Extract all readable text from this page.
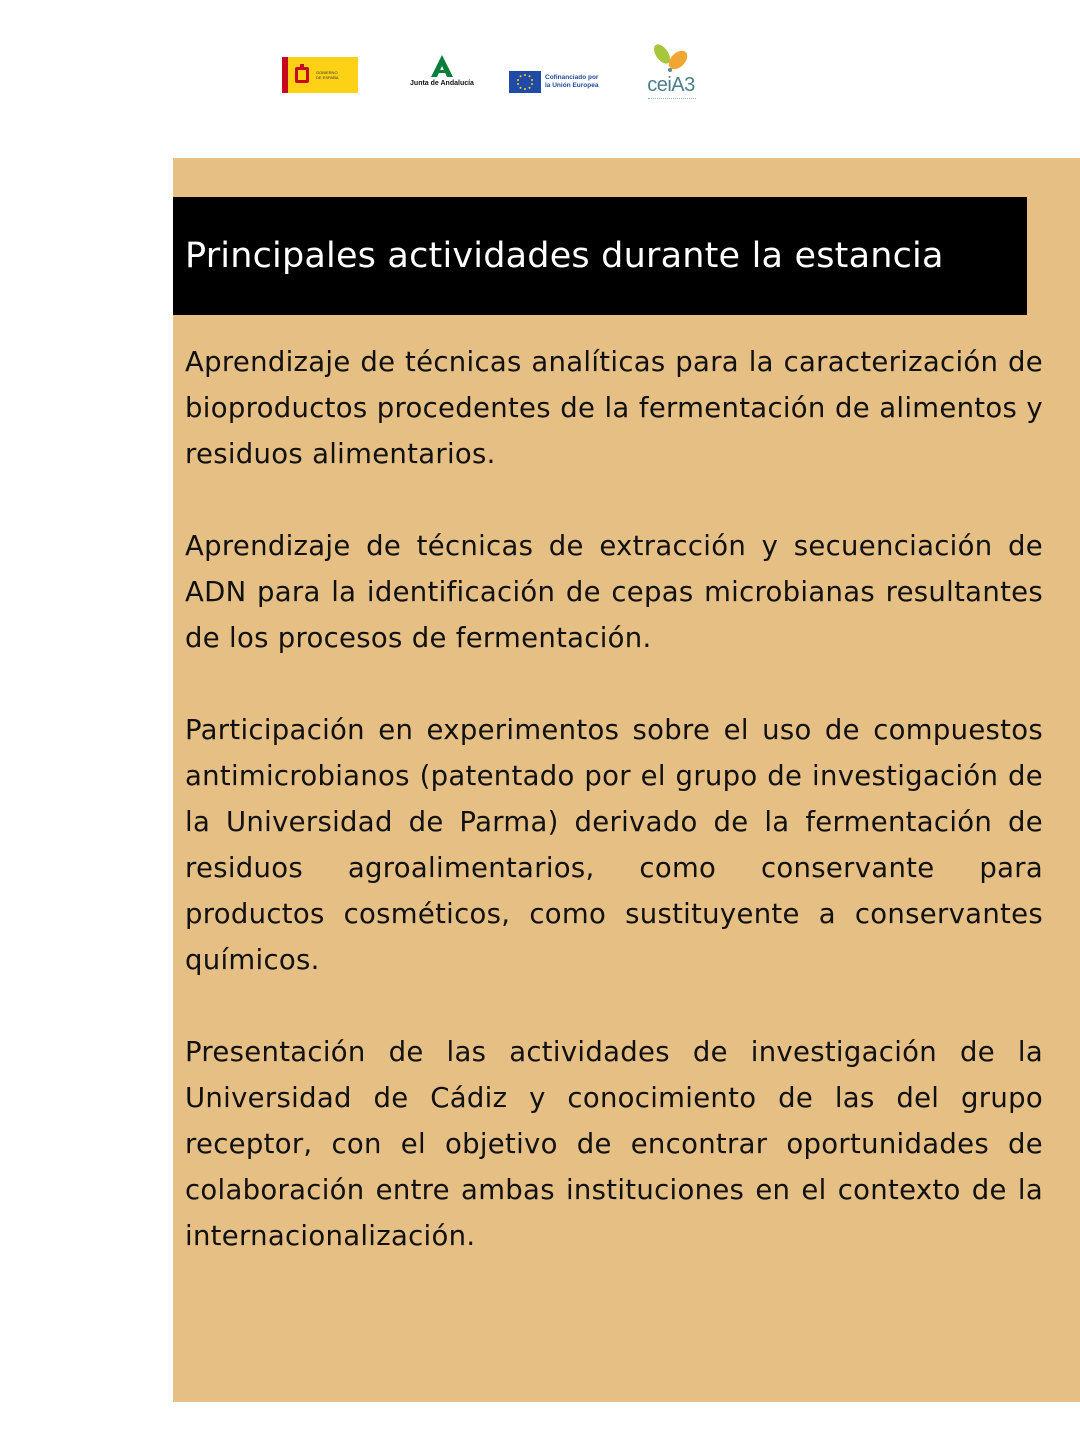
GOBIERNO
DE ESPAÑA
Junta de Andalucía
Cofinanciado por
la Unión Europea	ceiA3
Principales actividades durante la estancia

Aprendizaje de técnicas analíticas para la caracterización de bioproductos procedentes de la fermentación de alimentos y residuos alimentarios.

Aprendizaje de técnicas de extracción y secuenciación de ADN para la identificación de cepas microbianas resultantes de los procesos de fermentación.

Participación en experimentos sobre el uso de compuestos antimicrobianos (patentado por el grupo de investigación de la Universidad de Parma) derivado de la fermentación de residuos agroalimentarios, como conservante para productos cosméticos, como sustituyente a conservantes químicos.

Presentación de las actividades de investigación de la Universidad de Cádiz y conocimiento de las del grupo receptor, con el objetivo de encontrar oportunidades de colaboración entre ambas instituciones en el contexto de la internacionalización.
